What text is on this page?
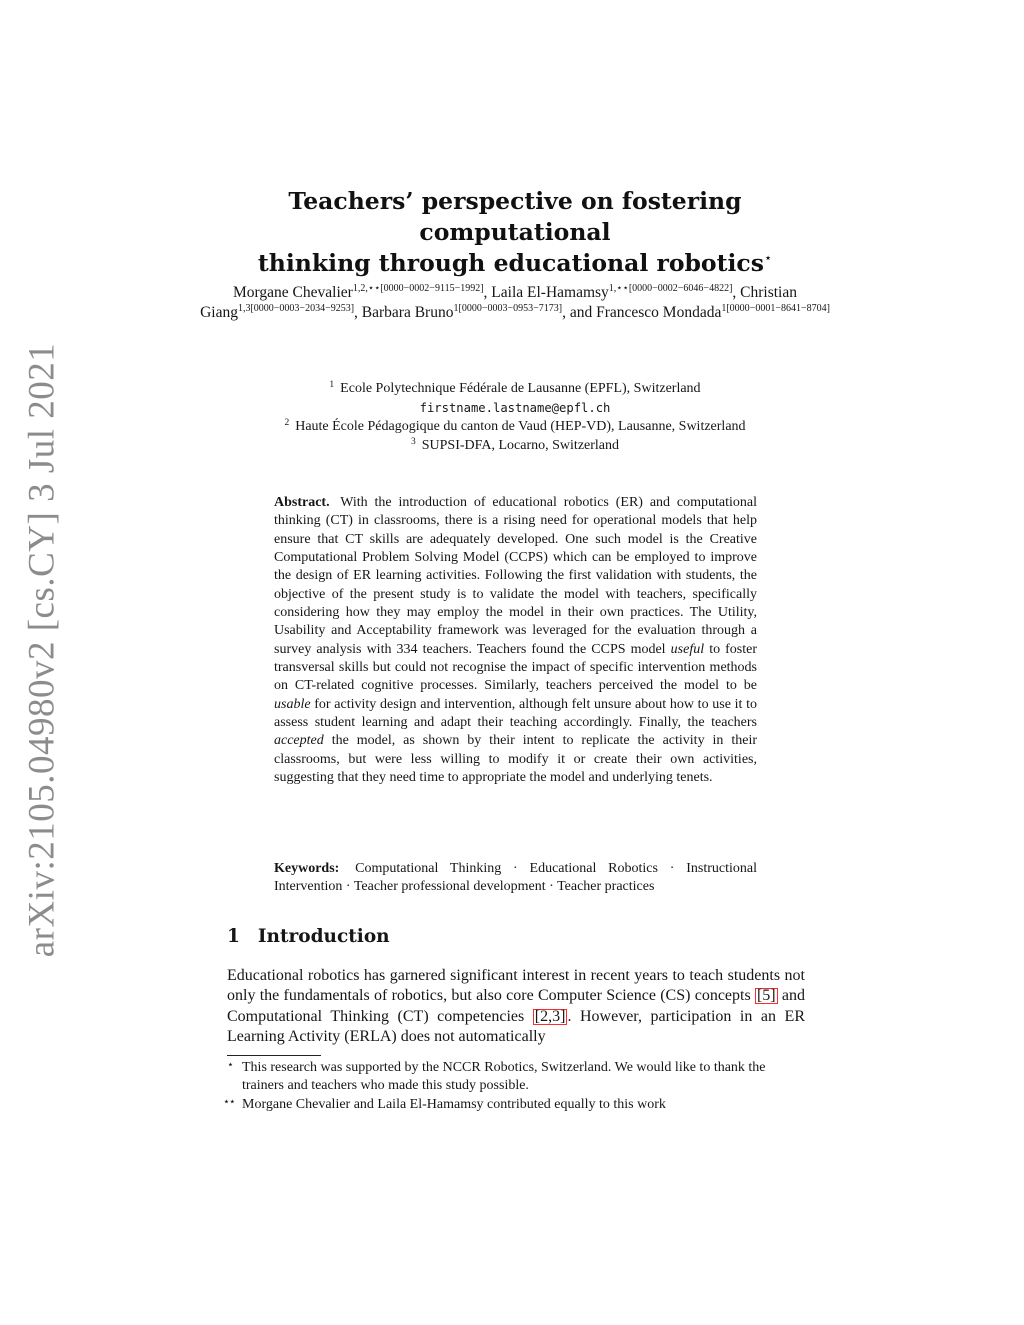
arXiv:2105.04980v2 [cs.CY] 3 Jul 2021
Teachers’ perspective on fostering computational
thinking through educational robotics⋆
Morgane Chevalier$^{1,2,⋆⋆[0000-0002-9115-1992]}$, Laila El-Hamamsy$^{1,⋆⋆[0000-0002-6046-4822]}$, Christian Giang$^{1,3[0000-0003-2034-9253]}$, Barbara Bruno$^{1[0000-0003-0953-7173]}$, and Francesco Mondada$^{1[0000-0001-8641-8704]}$
$^1$ Ecole Polytechnique Fédérale de Lausanne (EPFL), Switzerland
firstname.lastname@epfl.ch
$^2$ Haute École Pédagogique du canton de Vaud (HEP-VD), Lausanne, Switzerland
$^3$ SUPSI-DFA, Locarno, Switzerland
Abstract. With the introduction of educational robotics (ER) and computational thinking (CT) in classrooms, there is a rising need for operational models that help ensure that CT skills are adequately developed. One such model is the Creative Computational Problem Solving Model (CCPS) which can be employed to improve the design of ER learning activities. Following the first validation with students, the objective of the present study is to validate the model with teachers, specifically considering how they may employ the model in their own practices. The Utility, Usability and Acceptability framework was leveraged for the evaluation through a survey analysis with 334 teachers. Teachers found the CCPS model useful to foster transversal skills but could not recognise the impact of specific intervention methods on CT-related cognitive processes. Similarly, teachers perceived the model to be usable for activity design and intervention, although felt unsure about how to use it to assess student learning and adapt their teaching accordingly. Finally, the teachers accepted the model, as shown by their intent to replicate the activity in their classrooms, but were less willing to modify it or create their own activities, suggesting that they need time to appropriate the model and underlying tenets.
Keywords: Computational Thinking · Educational Robotics · Instructional Intervention · Teacher professional development · Teacher practices
1 Introduction
Educational robotics has garnered significant interest in recent years to teach students not only the fundamentals of robotics, but also core Computer Science (CS) concepts [5] and Computational Thinking (CT) competencies [2,3] . However, participation in an ER Learning Activity (ERLA) does not automatically
⋆ This research was supported by the NCCR Robotics, Switzerland. We would like to thank the trainers and teachers who made this study possible.
⋆⋆ Morgane Chevalier and Laila El-Hamamsy contributed equally to this work
